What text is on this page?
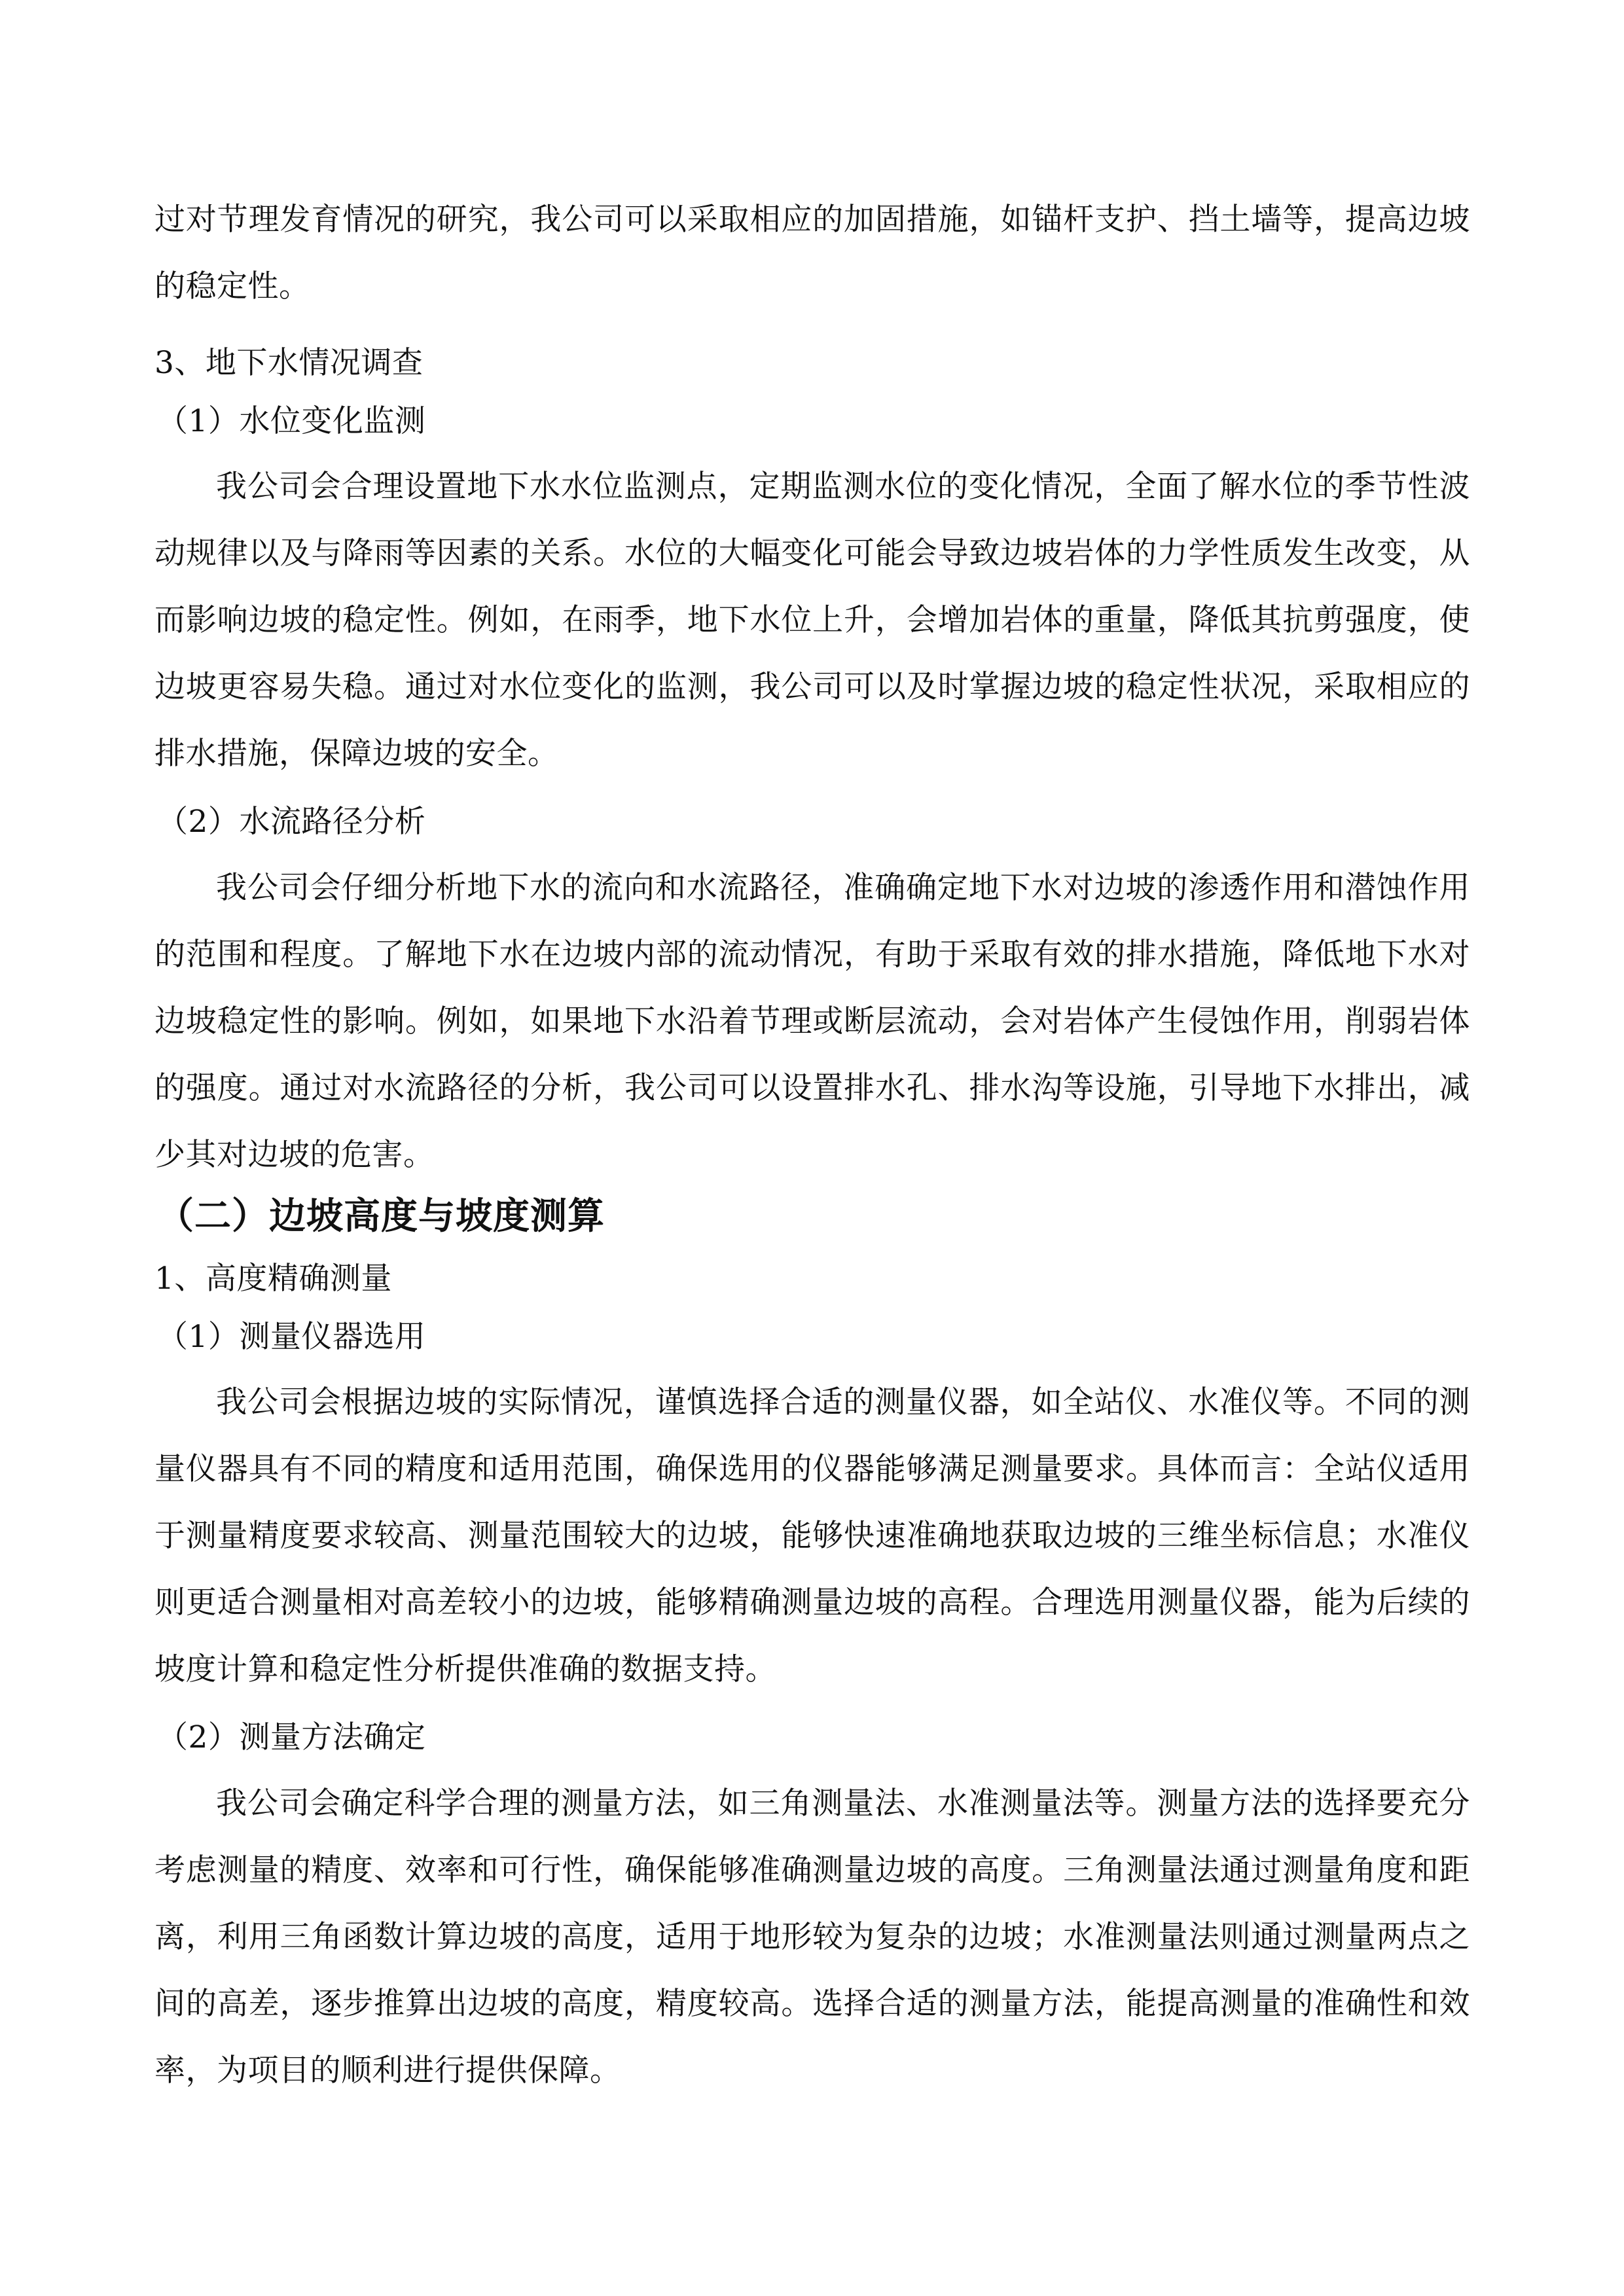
过对节理发育情况的研究，我公司可以采取相应的加固措施，如锚杆支护、挡土墙等，提高边坡的稳定性。

3、地下水情况调查

（1）水位变化监测

我公司会合理设置地下水水位监测点，定期监测水位的变化情况，全面了解水位的季节性波动规律以及与降雨等因素的关系。水位的大幅变化可能会导致边坡岩体的力学性质发生改变，从而影响边坡的稳定性。例如，在雨季，地下水位上升，会增加岩体的重量，降低其抗剪强度，使边坡更容易失稳。通过对水位变化的监测，我公司可以及时掌握边坡的稳定性状况，采取相应的排水措施，保障边坡的安全。

（2）水流路径分析

我公司会仔细分析地下水的流向和水流路径，准确确定地下水对边坡的渗透作用和潜蚀作用的范围和程度。了解地下水在边坡内部的流动情况，有助于采取有效的排水措施，降低地下水对边坡稳定性的影响。例如，如果地下水沿着节理或断层流动，会对岩体产生侵蚀作用，削弱岩体的强度。通过对水流路径的分析，我公司可以设置排水孔、排水沟等设施，引导地下水排出，减少其对边坡的危害。

（二）边坡高度与坡度测算

1、高度精确测量

（1）测量仪器选用

我公司会根据边坡的实际情况，谨慎选择合适的测量仪器，如全站仪、水准仪等。不同的测量仪器具有不同的精度和适用范围，确保选用的仪器能够满足测量要求。具体而言：全站仪适用于测量精度要求较高、测量范围较大的边坡，能够快速准确地获取边坡的三维坐标信息；水准仪则更适合测量相对高差较小的边坡，能够精确测量边坡的高程。合理选用测量仪器，能为后续的坡度计算和稳定性分析提供准确的数据支持。

（2）测量方法确定

我公司会确定科学合理的测量方法，如三角测量法、水准测量法等。测量方法的选择要充分考虑测量的精度、效率和可行性，确保能够准确测量边坡的高度。三角测量法通过测量角度和距离，利用三角函数计算边坡的高度，适用于地形较为复杂的边坡；水准测量法则通过测量两点之间的高差，逐步推算出边坡的高度，精度较高。选择合适的测量方法，能提高测量的准确性和效率，为项目的顺利进行提供保障。
